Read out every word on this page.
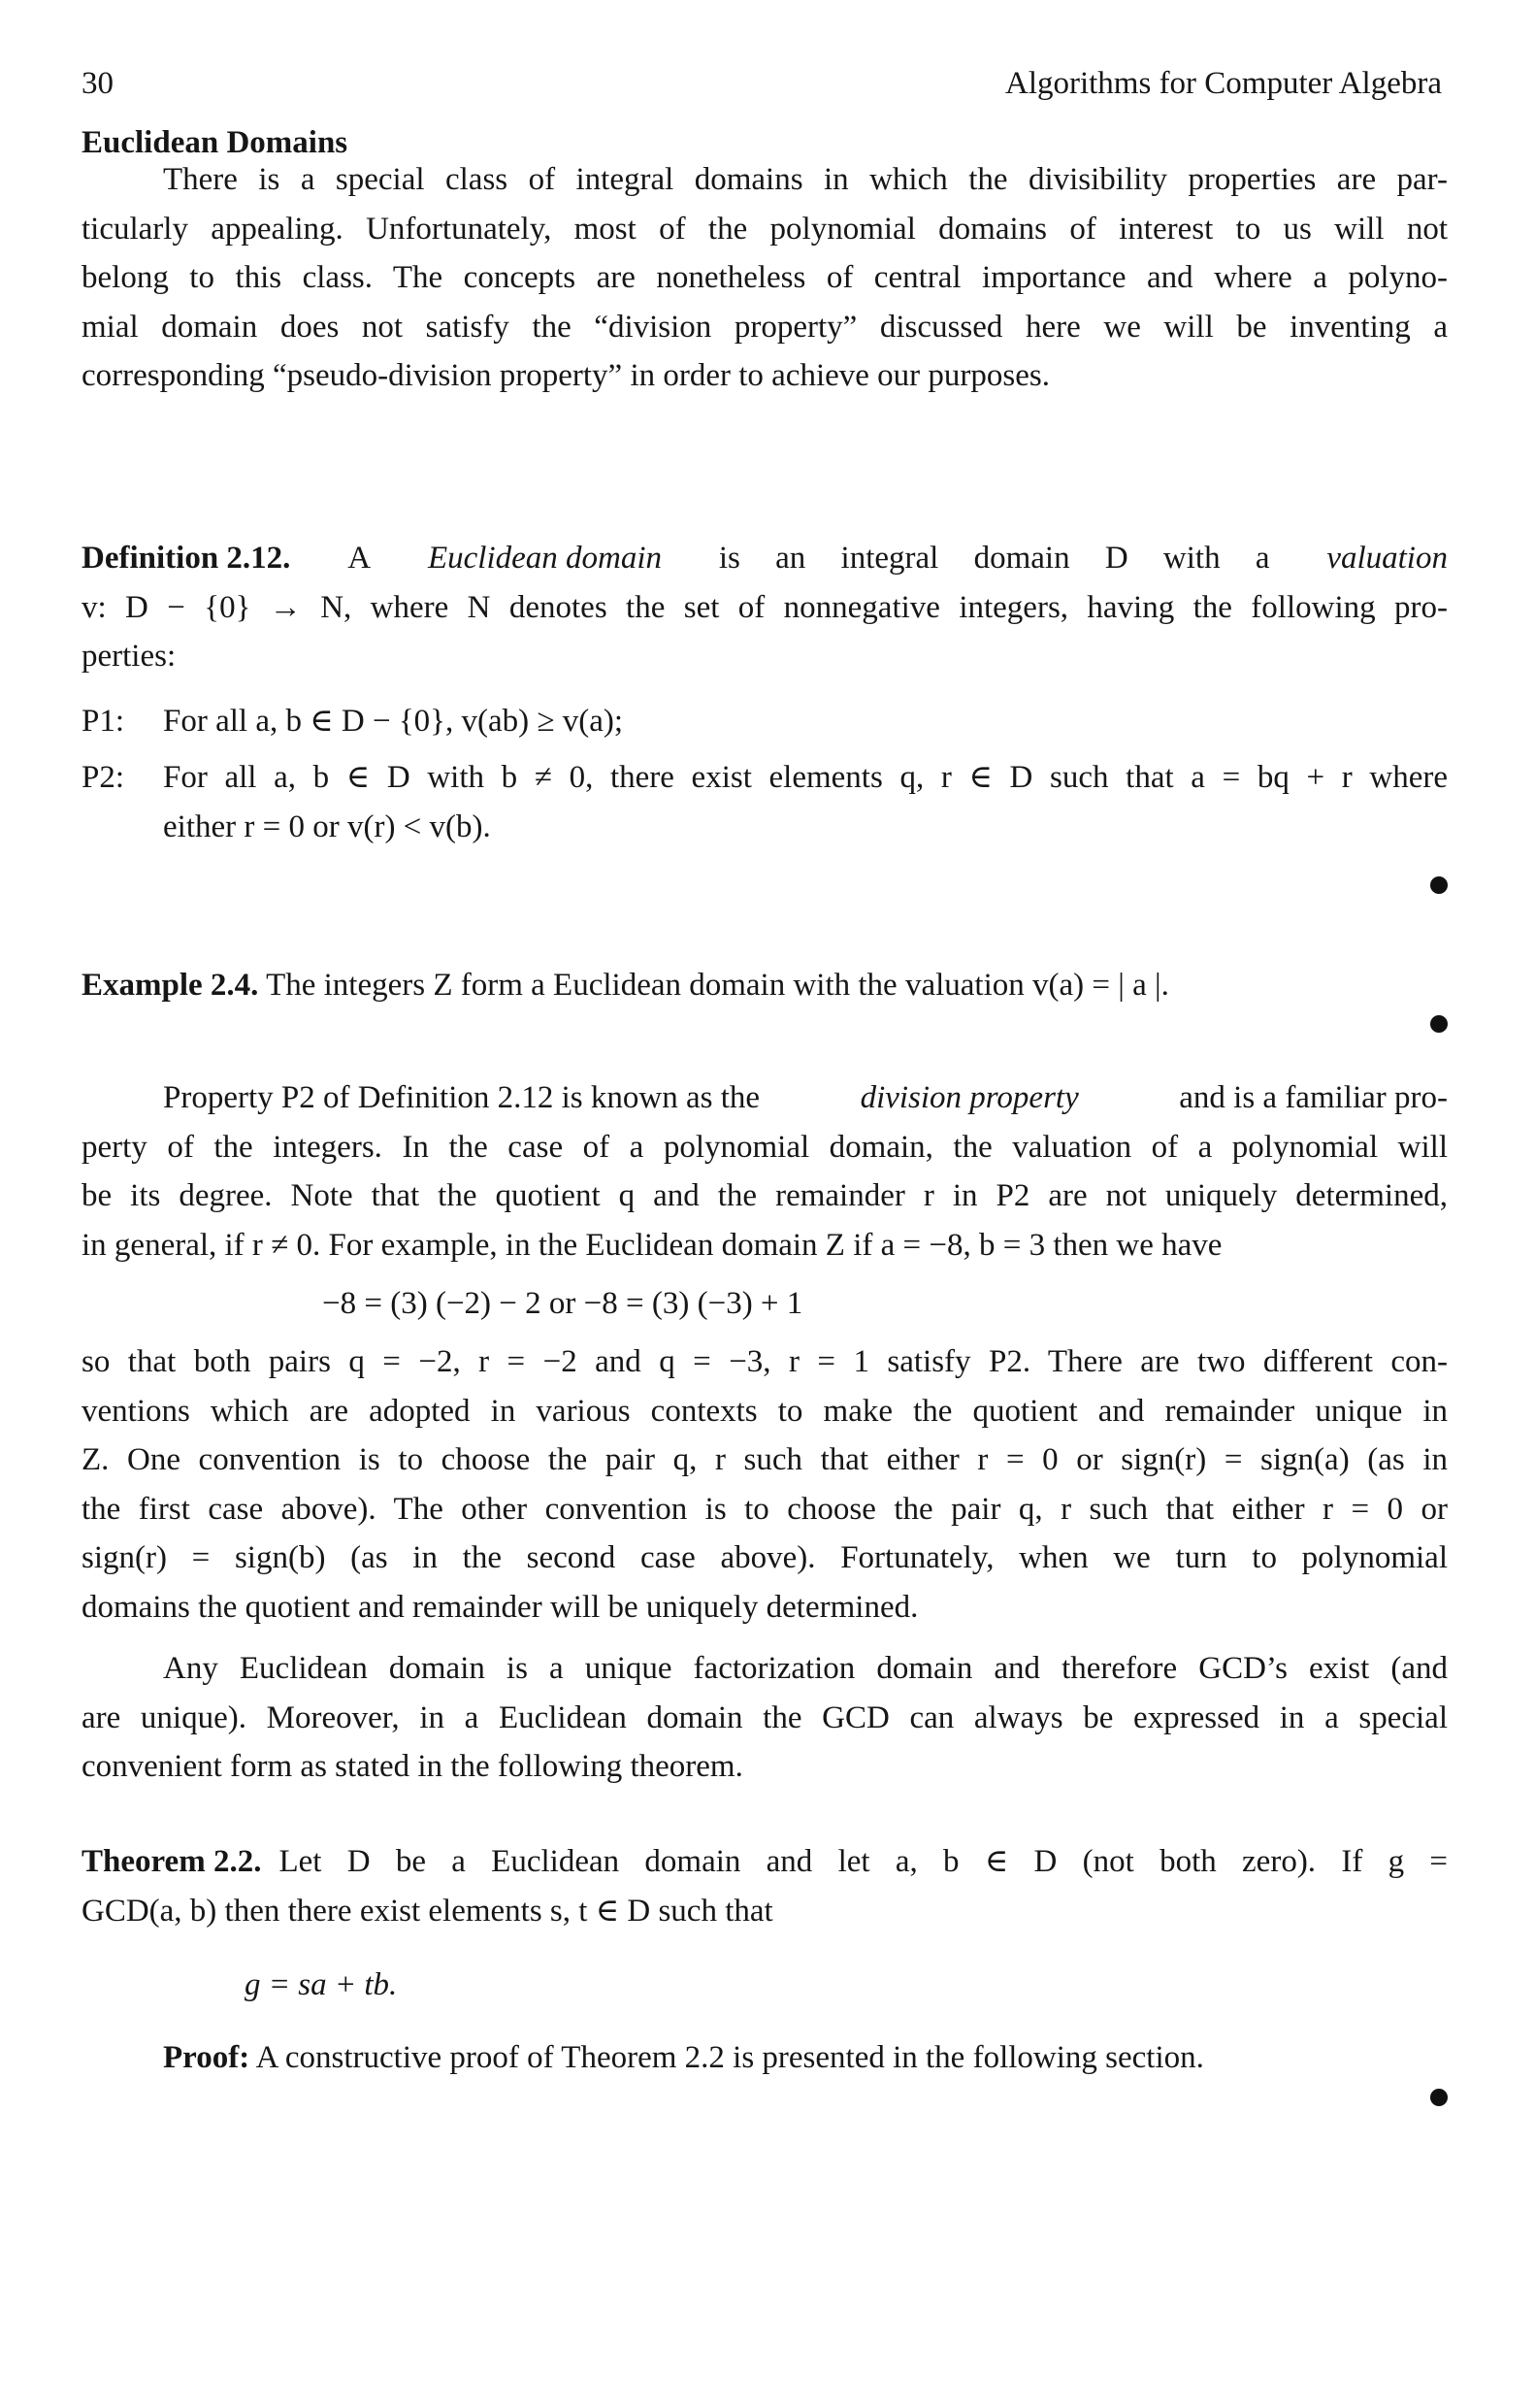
30	Algorithms for Computer Algebra
Euclidean Domains
There is a special class of integral domains in which the divisibility properties are par-
ticularly appealing. Unfortunately, most of the polynomial domains of interest to us will not
belong to this class. The concepts are nonetheless of central importance and where a polyno-
mial domain does not satisfy the “division property” discussed here we will be inventing a
corresponding “pseudo-division property” in order to achieve our purposes.
Definition 2.12. A Euclidean domain is an integral domain D with a valuation
v: D − {0} → N, where N denotes the set of nonnegative integers, having the following pro-
perties:
P1: For all a, b ∈ D − {0}, v(ab) ≥ v(a);
P2: For all a, b ∈ D with b ≠ 0, there exist elements q, r ∈ D such that a = bq + r where
either r = 0 or v(r) < v(b).
Example 2.4. The integers Z form a Euclidean domain with the valuation v(a) = | a |.
Property P2 of Definition 2.12 is known as the	division property	and is a familiar pro-
perty of the integers. In the case of a polynomial domain, the valuation of a polynomial will
be its degree. Note that the quotient q and the remainder r in P2 are not uniquely determined,
in general, if r ≠ 0. For example, in the Euclidean domain Z if a = −8, b = 3 then we have
−8 = (3) (−2) − 2 or −8 = (3) (−3) + 1
so that both pairs q = −2, r = −2 and q = −3, r = 1 satisfy P2. There are two different con-
ventions which are adopted in various contexts to make the quotient and remainder unique in
Z. One convention is to choose the pair q, r such that either r = 0 or sign(r) = sign(a) (as in
the first case above). The other convention is to choose the pair q, r such that either r = 0 or
sign(r) = sign(b) (as in the second case above). Fortunately, when we turn to polynomial
domains the quotient and remainder will be uniquely determined.
Any Euclidean domain is a unique factorization domain and therefore GCD’s exist (and
are unique). Moreover, in a Euclidean domain the GCD can always be expressed in a special
convenient form as stated in the following theorem.
Theorem 2.2. Let D be a Euclidean domain and let a, b ∈ D (not both zero). If g =
GCD(a, b) then there exist elements s, t ∈ D such that
g = sa + tb.
Proof: A constructive proof of Theorem 2.2 is presented in the following section.
